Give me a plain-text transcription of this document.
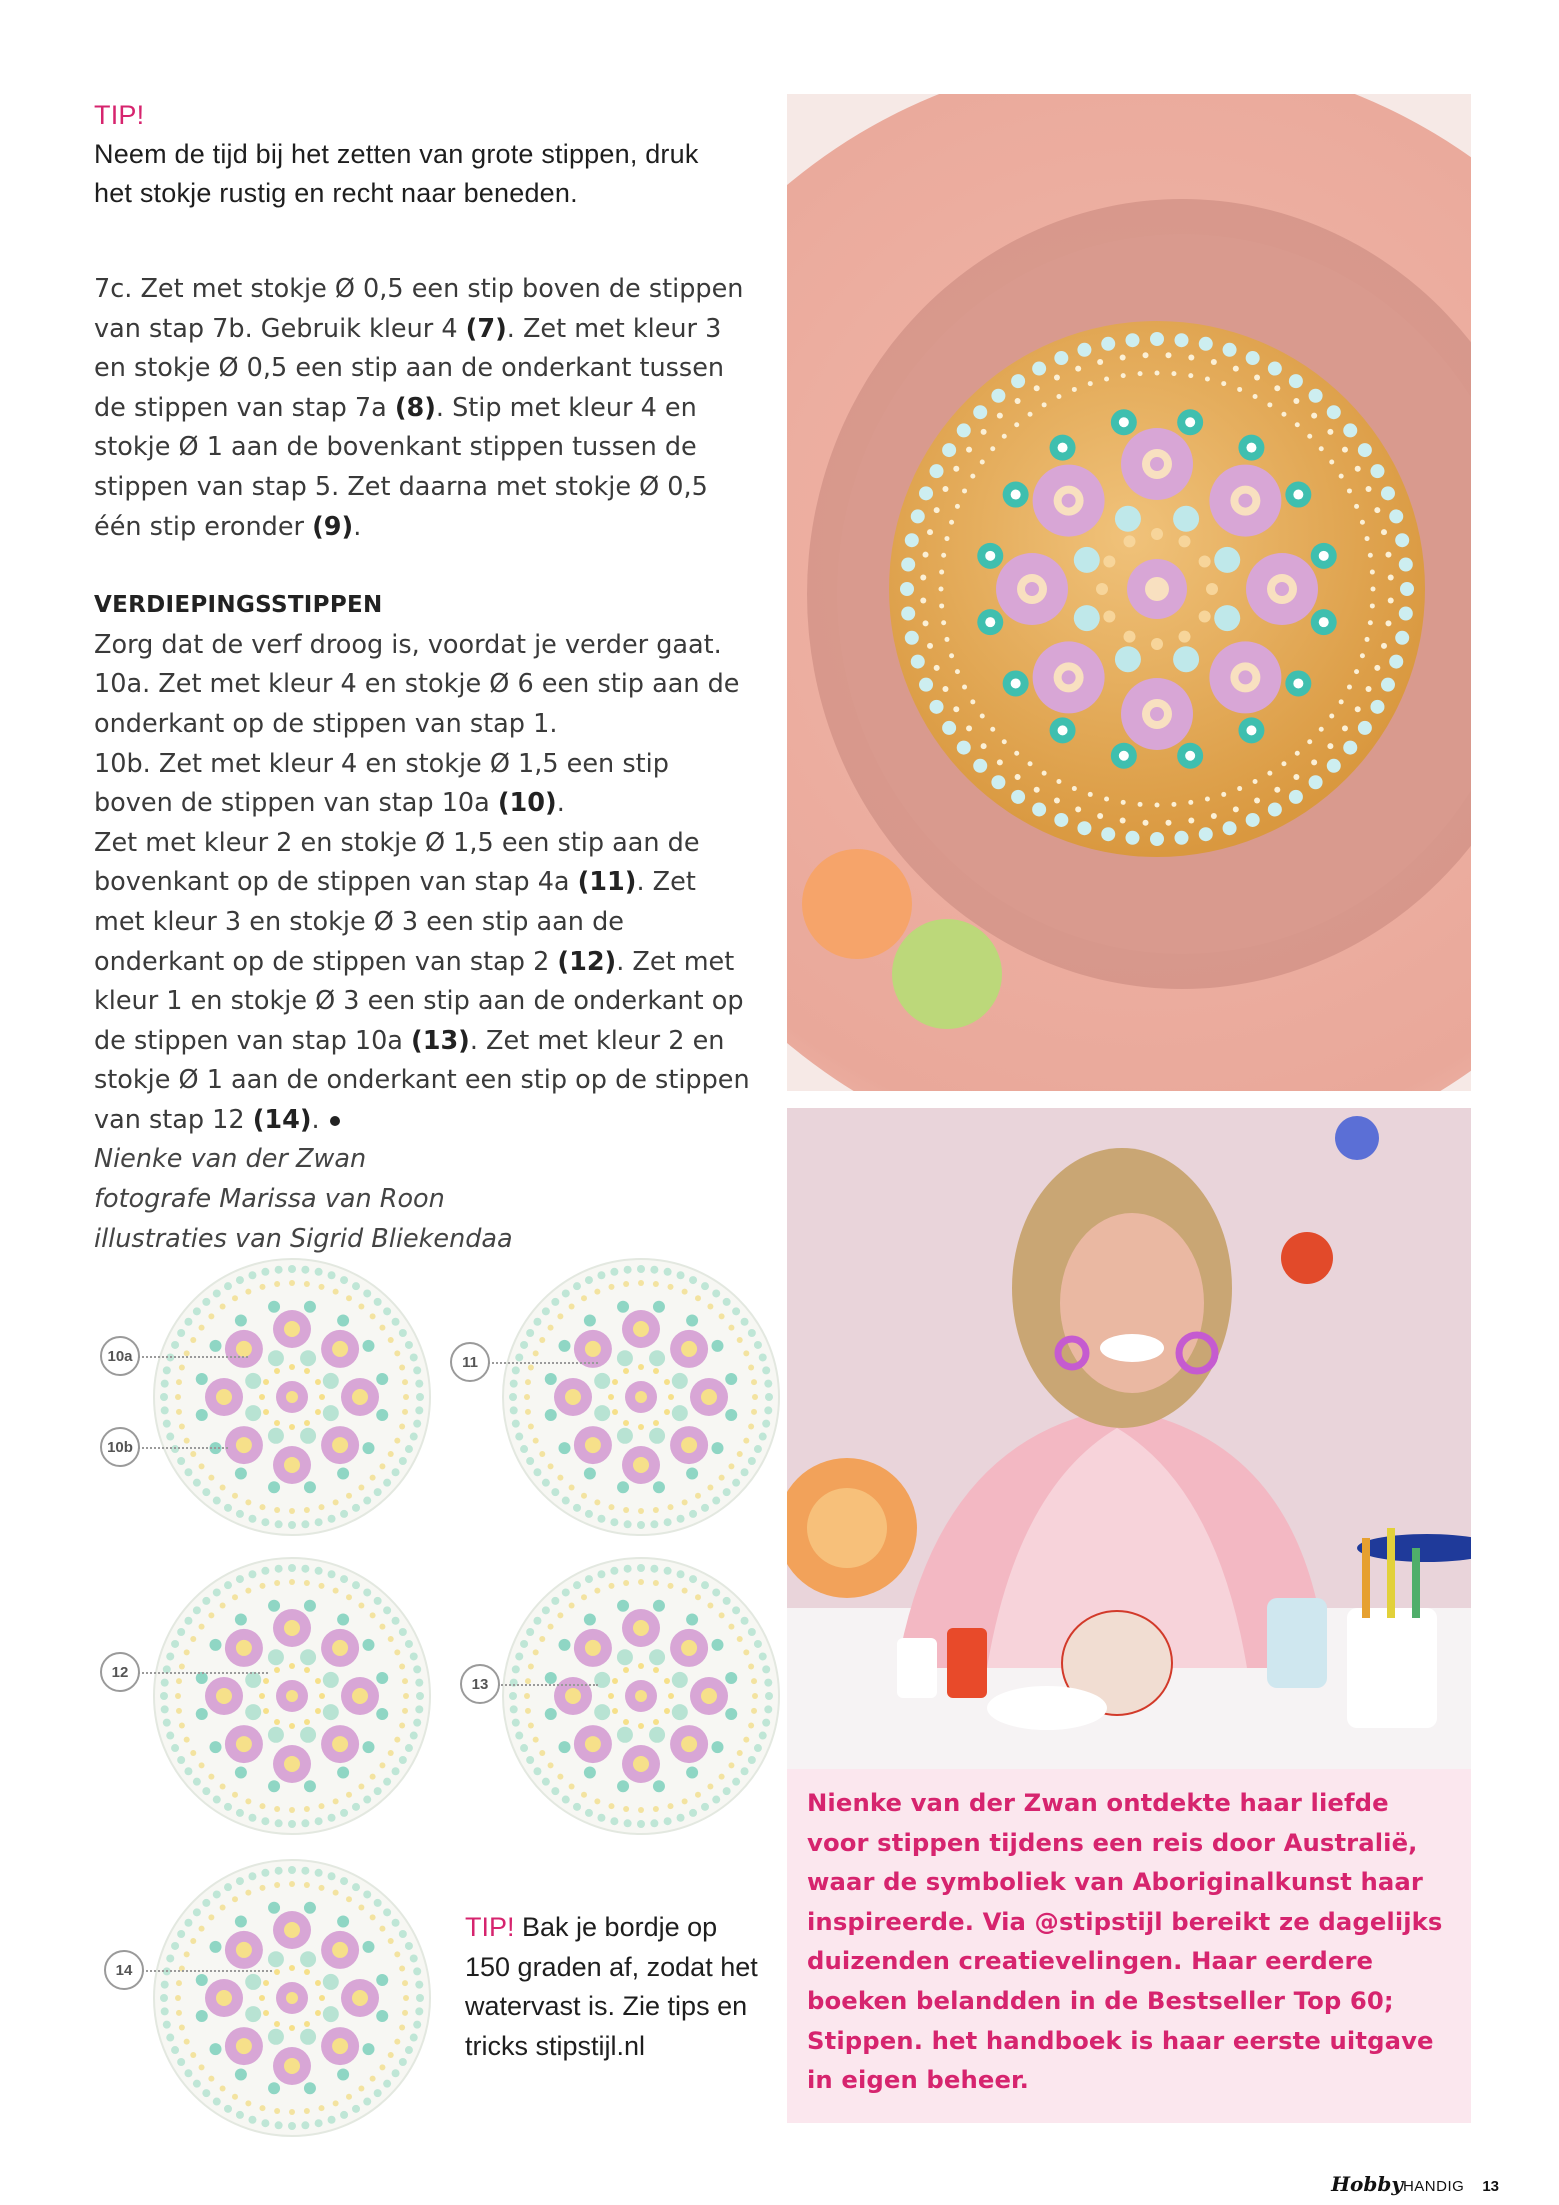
TIP!
Neem de tijd bij het zetten van grote stippen, druk het stokje rustig en recht naar beneden.

7c. Zet met stokje Ø 0,5 een stip boven de stippen van stap 7b. Gebruik kleur 4 (7). Zet met kleur 3 en stokje Ø 0,5 een stip aan de onderkant tussen de stippen van stap 7a (8). Stip met kleur 4 en stokje Ø 1 aan de bovenkant stippen tussen de stippen van stap 5. Zet daarna met stokje Ø 0,5 één stip eronder (9).

VERDIEPINGSSTIPPEN

Zorg dat de verf droog is, voordat je verder gaat.

10a. Zet met kleur 4 en stokje Ø 6 een stip aan de onderkant op de stippen van stap 1.

10b. Zet met kleur 4 en stokje Ø 1,5 een stip boven de stippen van stap 10a (10).

Zet met kleur 2 en stokje Ø 1,5 een stip aan de bovenkant op de stippen van stap 4a (11). Zet met kleur 3 en stokje Ø 3 een stip aan de onderkant op de stippen van stap 2 (12). Zet met kleur 1 en stokje Ø 3 een stip aan de onderkant op de stippen van stap 10a (13). Zet met kleur 2 en stokje Ø 1 aan de onderkant een stip op de stippen van stap 12 (14).

Nienke van der Zwan

fotografe Marissa van Roon

illustraties van Sigrid Bliekendaa

Nienke van der Zwan ontdekte haar liefde voor stippen tijdens een reis door Australië, waar de symboliek van Aboriginalkunst haar inspireerde. Via @stipstijl bereikt ze dagelijks duizenden creatievelingen. Haar eerdere boeken belandden in de Bestseller Top 60; Stippen. het handboek is haar eerste uitgave in eigen beheer.
10a
10b
11
12
13
14
TIP! Bak je bordje op 150 graden af, zodat het watervast is. Zie tips en tricks stipstijl.nl
HobbyHANDIG 13
